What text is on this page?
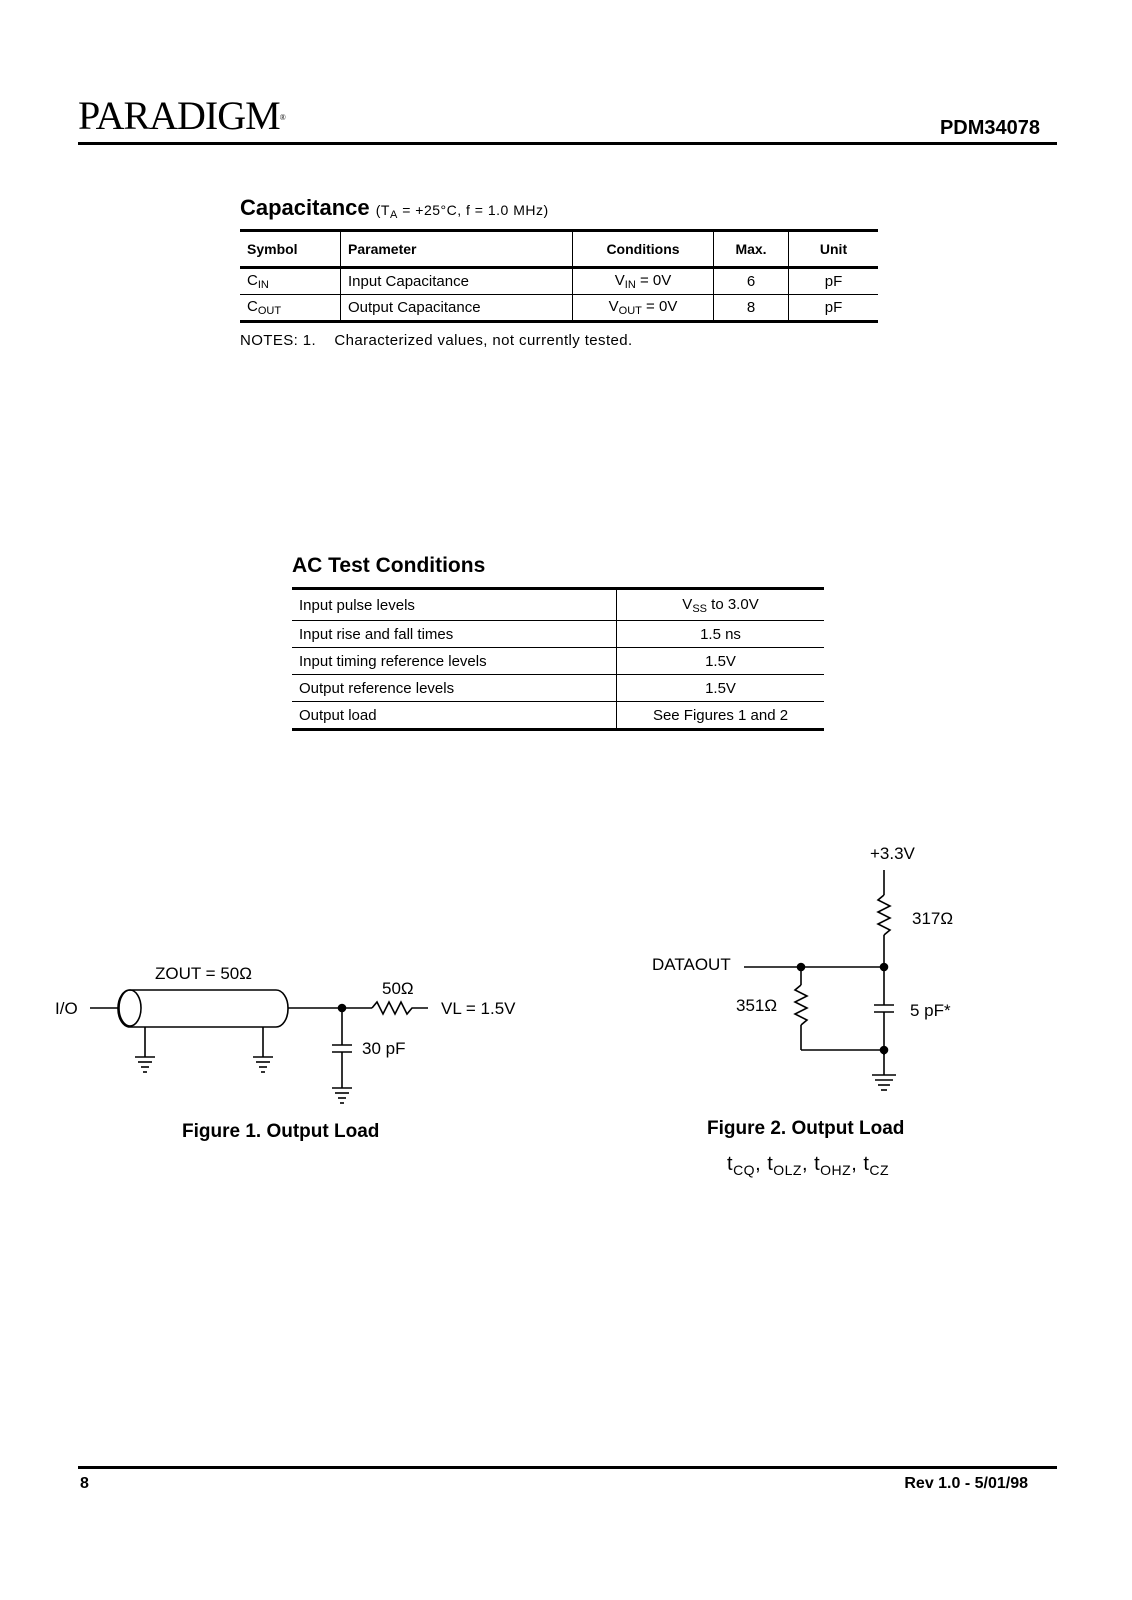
PARADIGM®	PDM34078
Capacitance ($T_A = +25^\circ C$, f = 1.0 MHz)
Symbol	Parameter	Conditions	Max.	Unit
$C_{IN}$	Input Capacitance	$V_{IN} = 0V$	6	pF
$C_{OUT}$	Output Capacitance	$V_{OUT} = 0V$	8	pF
NOTES: 1.    Characterized values, not currently tested.
AC Test Conditions
Input pulse levels	$V_{SS}$ to 3.0V
Input rise and fall times	1.5 ns
Input timing reference levels	1.5V
Output reference levels	1.5V
Output load	See Figures 1 and 2
I/O
ZOUT = 50Ω
50Ω
VL = 1.5V
30 pF
+3.3V
317Ω
DATAOUT
351Ω	5 pF*
Figure 1. Output Load	Figure 2. Output Load
$t_{CQ}$, $t_{OLZ}$, $t_{OHZ}$, $t_{CZ}$
8	Rev 1.0 - 5/01/98
